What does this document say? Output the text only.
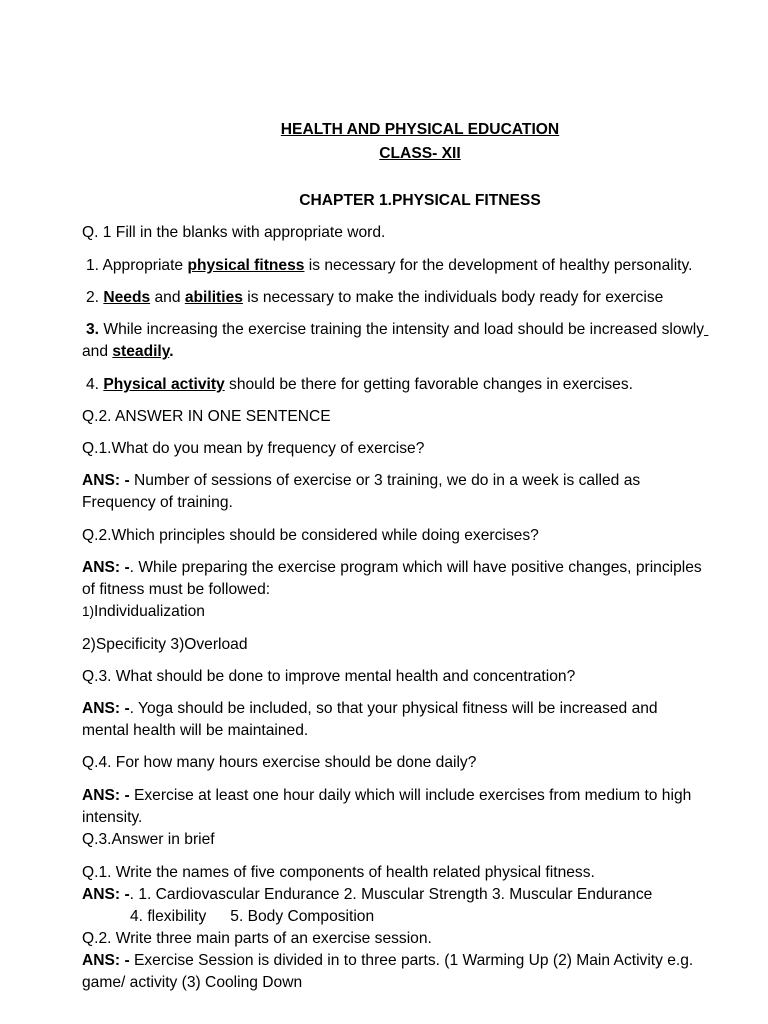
HEALTH AND PHYSICAL EDUCATION
CLASS- XII
CHAPTER 1.PHYSICAL FITNESS
Q. 1 Fill in the blanks with appropriate word.
1. Appropriate physical fitness is necessary for the development of healthy personality.
2. Needs and abilities is necessary to make the individuals body ready for exercise
3. While increasing the exercise training the intensity and load should be increased slowly
and steadily.
4. Physical activity should be there for getting favorable changes in exercises.
Q.2. ANSWER IN ONE SENTENCE
Q.1.What do you mean by frequency of exercise?
ANS: - Number of sessions of exercise or 3 training, we do in a week is called as
Frequency of training.
Q.2.Which principles should be considered while doing exercises?
ANS: -. While preparing the exercise program which will have positive changes, principles
of fitness must be followed:
1)Individualization
2)Specificity 3)Overload
Q.3. What should be done to improve mental health and concentration?
ANS: -. Yoga should be included, so that your physical fitness will be increased and
mental health will be maintained.
Q.4. For how many hours exercise should be done daily?
ANS: - Exercise at least one hour daily which will include exercises from medium to high
intensity.
Q.3.Answer in brief
Q.1. Write the names of five components of health related physical fitness.
ANS: -. 1. Cardiovascular Endurance 2. Muscular Strength 3. Muscular Endurance
4. flexibility 5. Body Composition
Q.2. Write three main parts of an exercise session.
ANS: - Exercise Session is divided in to three parts. (1 Warming Up (2) Main Activity e.g.
game/ activity (3) Cooling Down
